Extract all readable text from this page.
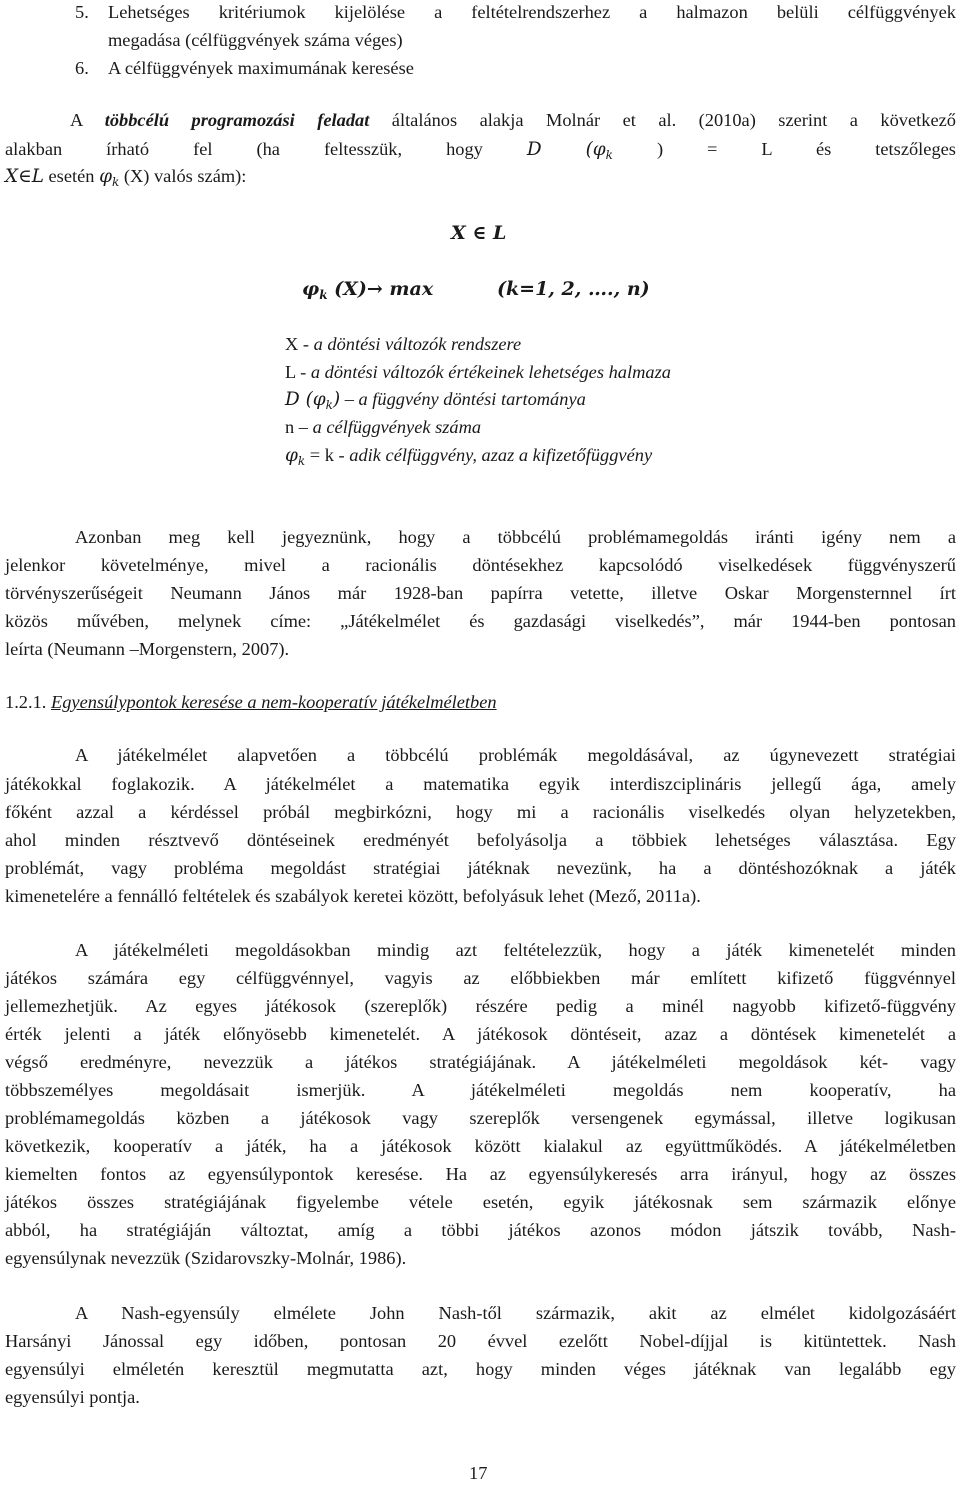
5. Lehetséges kritériumok kijelölése a feltételrendszerhez a halmazon belüli célfüggvények
megadása (célfüggvények száma véges)
6. A célfüggvények maximumának keresése
A többcélú programozási feladat általános alakja Molnár et al. (2010a) szerint a következő
alakban írható fel (ha feltesszük, hogy D ($\varphi_k$ ) = L és tetszőleges
X∈L esetén $\varphi_k$ (X) valós szám):
X ∈ L
$\varphi_k$ (X)→ max	(k=1, 2, …., n)
X - a döntési változók rendszere
L - a döntési változók értékeinek lehetséges halmaza
D $(\varphi_k)$ – a függvény döntési tartománya
n – a célfüggvények száma
$\varphi_k = k$ - adik célfüggvény, azaz a kifizetőfüggvény
Azonban meg kell jegyeznünk, hogy a többcélú problémamegoldás iránti igény nem a
jelenkor követelménye, mivel a racionális döntésekhez kapcsolódó viselkedések függvényszerű
törvényszerűségeit Neumann János már 1928-ban papírra vetette, illetve Oskar Morgensternnel írt
közös művében, melynek címe: „Játékelmélet és gazdasági viselkedés”, már 1944-ben pontosan
leírta (Neumann –Morgenstern, 2007).
1.2.1. Egyensúlypontok keresése a nem-kooperatív játékelméletben
A játékelmélet alapvetően a többcélú problémák megoldásával, az úgynevezett stratégiai
játékokkal foglakozik. A játékelmélet a matematika egyik interdiszciplináris jellegű ága, amely
főként azzal a kérdéssel próbál megbirkózni, hogy mi a racionális viselkedés olyan helyzetekben,
ahol minden résztvevő döntéseinek eredményét befolyásolja a többiek lehetséges választása. Egy
problémát, vagy probléma megoldást stratégiai játéknak nevezünk, ha a döntéshozóknak a játék
kimenetelére a fennálló feltételek és szabályok keretei között, befolyásuk lehet (Mező, 2011a).
A játékelméleti megoldásokban mindig azt feltételezzük, hogy a játék kimenetelét minden
játékos számára egy célfüggvénnyel, vagyis az előbbiekben már említett kifizető függvénnyel
jellemezhetjük. Az egyes játékosok (szereplők) részére pedig a minél nagyobb kifizető-függvény
érték jelenti a játék előnyösebb kimenetelét. A játékosok döntéseit, azaz a döntések kimenetelét a
végső eredményre, nevezzük a játékos stratégiájának. A játékelméleti megoldások két- vagy
többszemélyes megoldásait ismerjük. A játékelméleti megoldás nem kooperatív, ha
problémamegoldás közben a játékosok vagy szereplők versengenek egymással, illetve logikusan
következik, kooperatív a játék, ha a játékosok között kialakul az együttműködés. A játékelméletben
kiemelten fontos az egyensúlypontok keresése. Ha az egyensúlykeresés arra irányul, hogy az összes
játékos összes stratégiájának figyelembe vétele esetén, egyik játékosnak sem származik előnye
abból, ha stratégiáján változtat, amíg a többi játékos azonos módon játszik tovább, Nash-
egyensúlynak nevezzük (Szidarovszky-Molnár, 1986).
A Nash-egyensúly elmélete John Nash-től származik, akit az elmélet kidolgozásáért
Harsányi Jánossal egy időben, pontosan 20 évvel ezelőtt Nobel-díjjal is kitüntettek. Nash
egyensúlyi elméletén keresztül megmutatta azt, hogy minden véges játéknak van legalább egy
egyensúlyi pontja.
17
